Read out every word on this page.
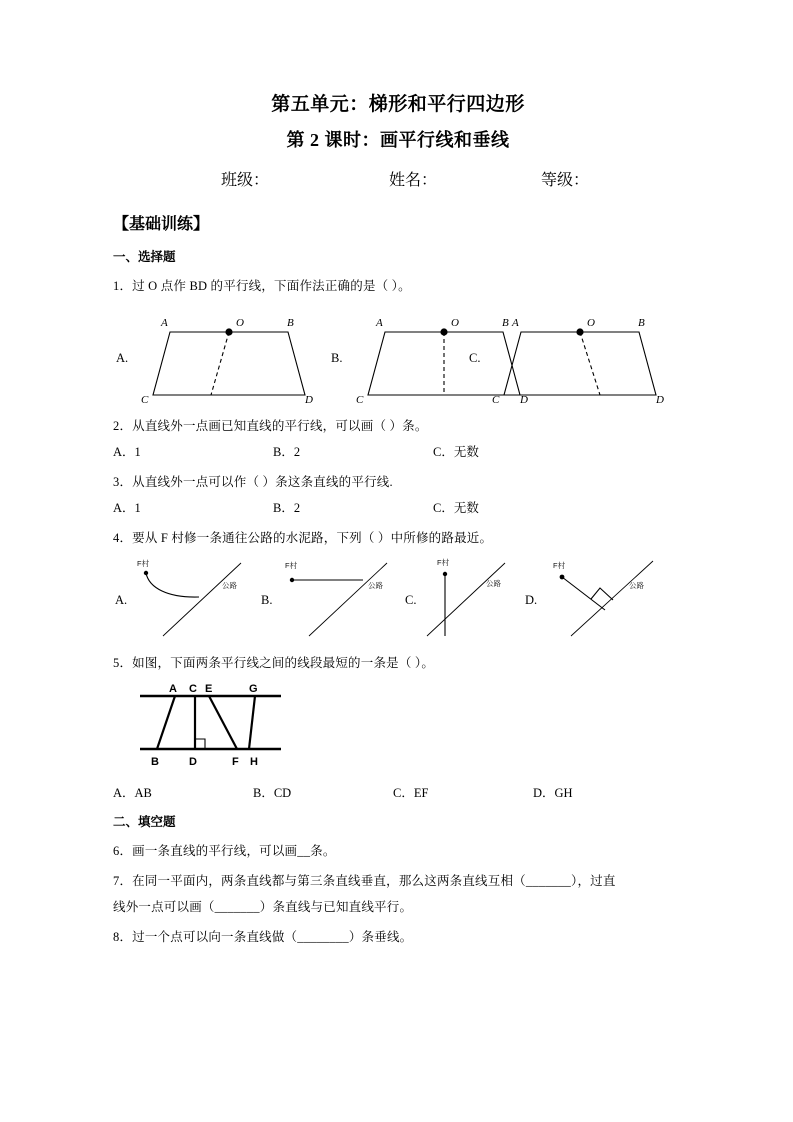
第五单元：梯形和平行四边形
第 2 课时：画平行线和垂线
班级：	姓名：	等级：
【基础训练】
一、选择题
1．过 O 点作 BD 的平行线，下面作法正确的是（ ）。
A.
A	O	B
C	D
B.
A	O	B
C	D
C.
A	O	B
C	D
2．从直线外一点画已知直线的平行线，可以画（ ）条。
A．1	B．2	C．无数
3．从直线外一点可以作（ ）条这条直线的平行线.
A．1	B．2	C．无数
4．要从 F 村修一条通往公路的水泥路，下列（ ）中所修的路最近。
A.
F村
公路
B.
F村
公路
C.
F村
公路
D.
F村
公路
5．如图，下面两条平行线之间的线段最短的一条是（ ）。
A C E	G
B	D	F H
A．AB	B．CD	C．EF	D．GH
二、填空题
6．画一条直线的平行线，可以画__条。
7．在同一平面内，两条直线都与第三条直线垂直，那么这两条直线互相（_______），过直
线外一点可以画（_______）条直线与已知直线平行。
8．过一个点可以向一条直线做（________）条垂线。
